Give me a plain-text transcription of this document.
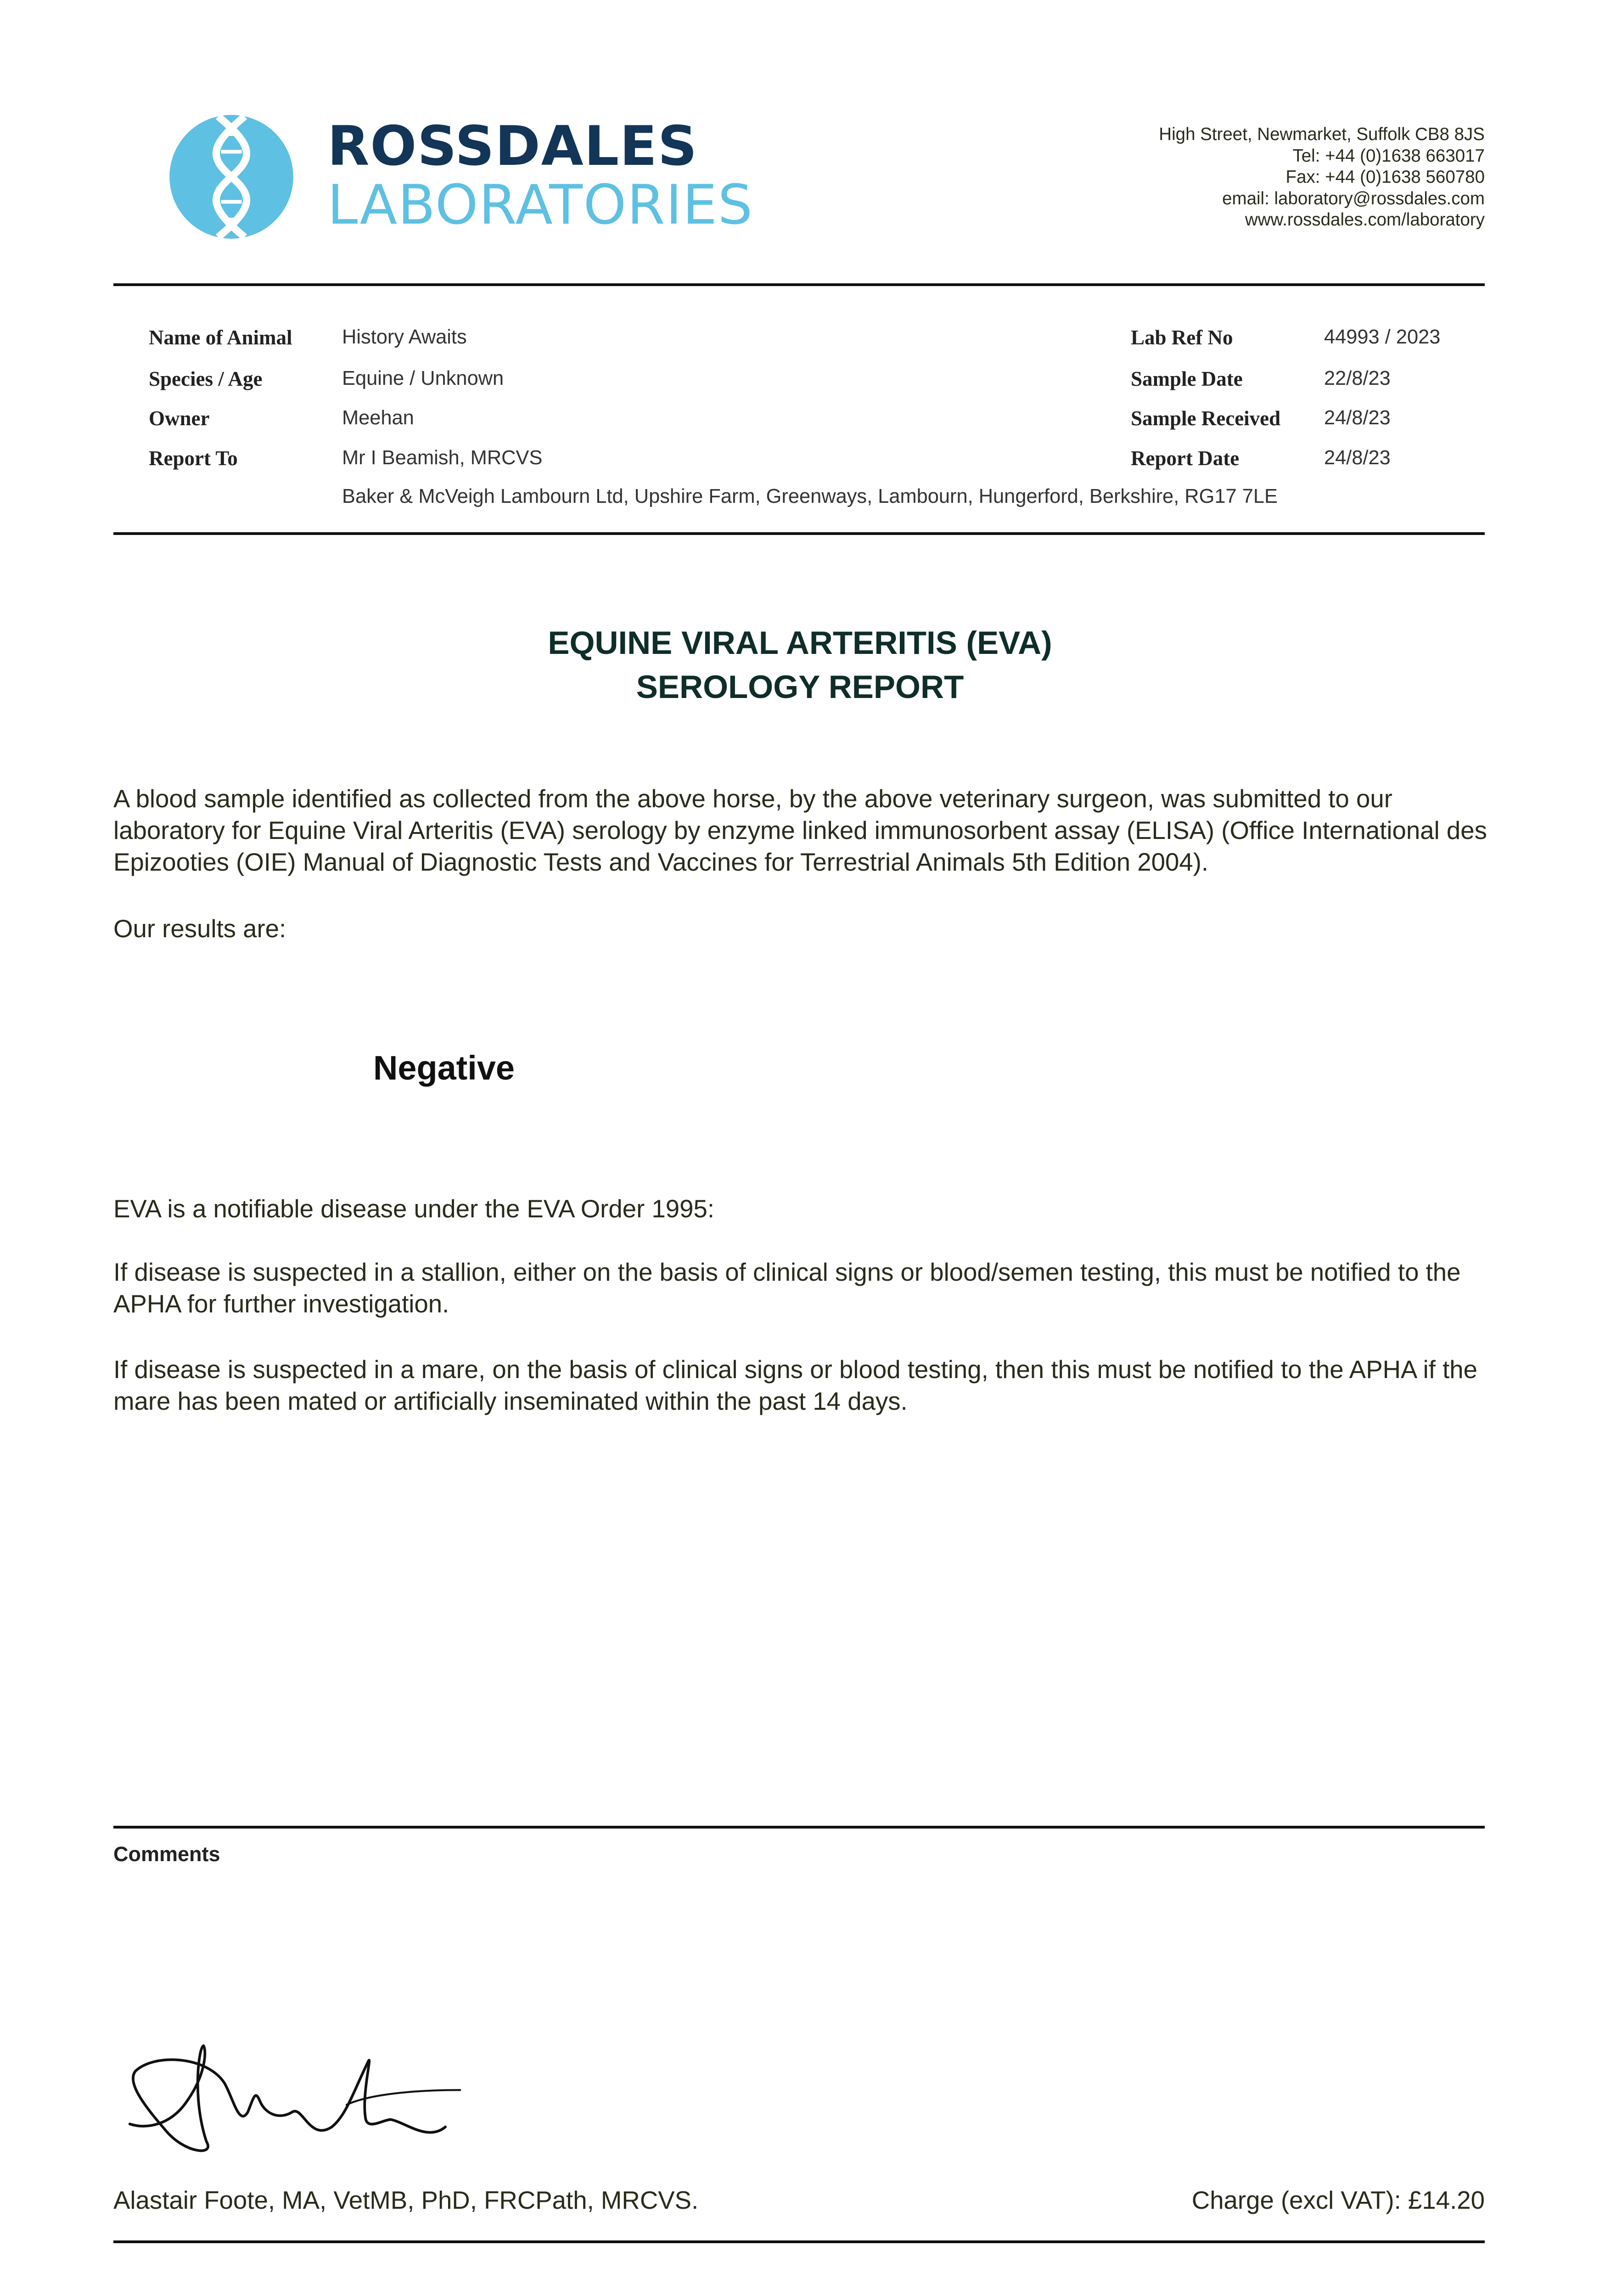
ROSSDALES
LABORATORIES
High Street, Newmarket, Suffolk CB8 8JS
Tel: +44 (0)1638 663017
Fax: +44 (0)1638 560780
email: laboratory@rossdales.com
www.rossdales.com/laboratory
Name of Animal	History Awaits
Species / Age	Equine / Unknown
Owner	Meehan
Report To	Mr I Beamish, MRCVS
Baker & McVeigh Lambourn Ltd, Upshire Farm, Greenways, Lambourn, Hungerford, Berkshire, RG17 7LE
Lab Ref No	44993 / 2023
Sample Date	22/8/23
Sample Received 24/8/23
Report Date	24/8/23
EQUINE VIRAL ARTERITIS (EVA)
SEROLOGY REPORT
A blood sample identified as collected from the above horse, by the above veterinary surgeon, was submitted to our laboratory for Equine Viral Arteritis (EVA) serology by enzyme linked immunosorbent assay (ELISA) (Office International des Epizooties (OIE) Manual of Diagnostic Tests and Vaccines for Terrestrial Animals 5th Edition 2004).
Our results are:
Negative
EVA is a notifiable disease under the EVA Order 1995:
If disease is suspected in a stallion, either on the basis of clinical signs or blood/semen testing, this must be notified to the APHA for further investigation.
If disease is suspected in a mare, on the basis of clinical signs or blood testing, then this must be notified to the APHA if the mare has been mated or artificially inseminated within the past 14 days.
Comments
Alastair Foote, MA, VetMB, PhD, FRCPath, MRCVS.	Charge (excl VAT): £14.20
